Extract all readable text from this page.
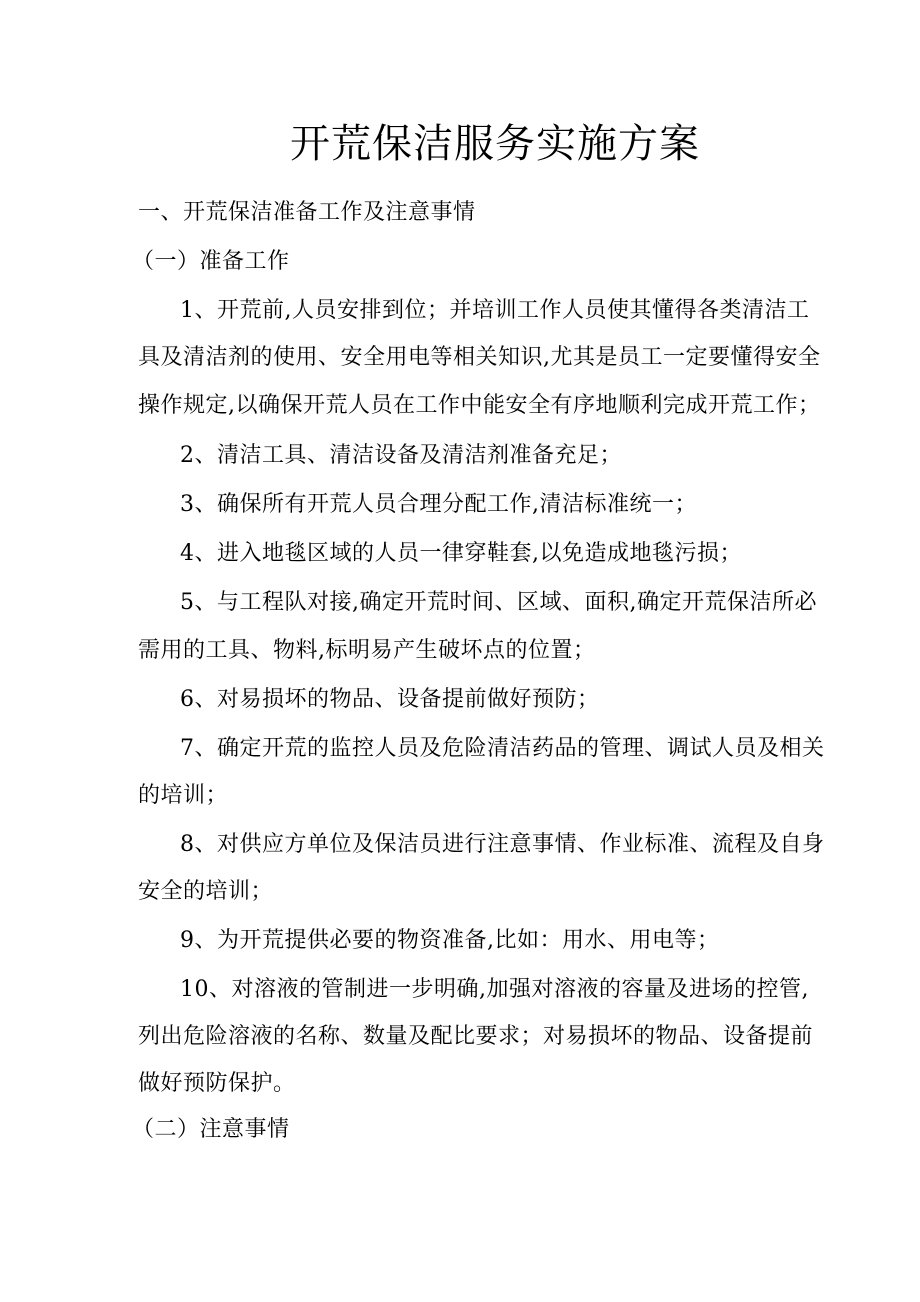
开荒保洁服务实施方案
一、开荒保洁准备工作及注意事情
（一）准备工作
1、开荒前,人员安排到位；并培训工作人员使其懂得各类清洁工
具及清洁剂的使用、安全用电等相关知识,尤其是员工一定要懂得安全
操作规定,以确保开荒人员在工作中能安全有序地顺利完成开荒工作；
2、清洁工具、清洁设备及清洁剂准备充足；
3、确保所有开荒人员合理分配工作,清洁标准统一；
4、进入地毯区域的人员一律穿鞋套,以免造成地毯污损；
5、与工程队对接,确定开荒时间、区域、面积,确定开荒保洁所必
需用的工具、物料,标明易产生破坏点的位置；
6、对易损坏的物品、设备提前做好预防；
7、确定开荒的监控人员及危险清洁药品的管理、调试人员及相关
的培训；
8、对供应方单位及保洁员进行注意事情、作业标准、流程及自身
安全的培训；
9、为开荒提供必要的物资准备,比如：用水、用电等；
10、对溶液的管制进一步明确,加强对溶液的容量及进场的控管,
列出危险溶液的名称、数量及配比要求；对易损坏的物品、设备提前
做好预防保护。
（二）注意事情
